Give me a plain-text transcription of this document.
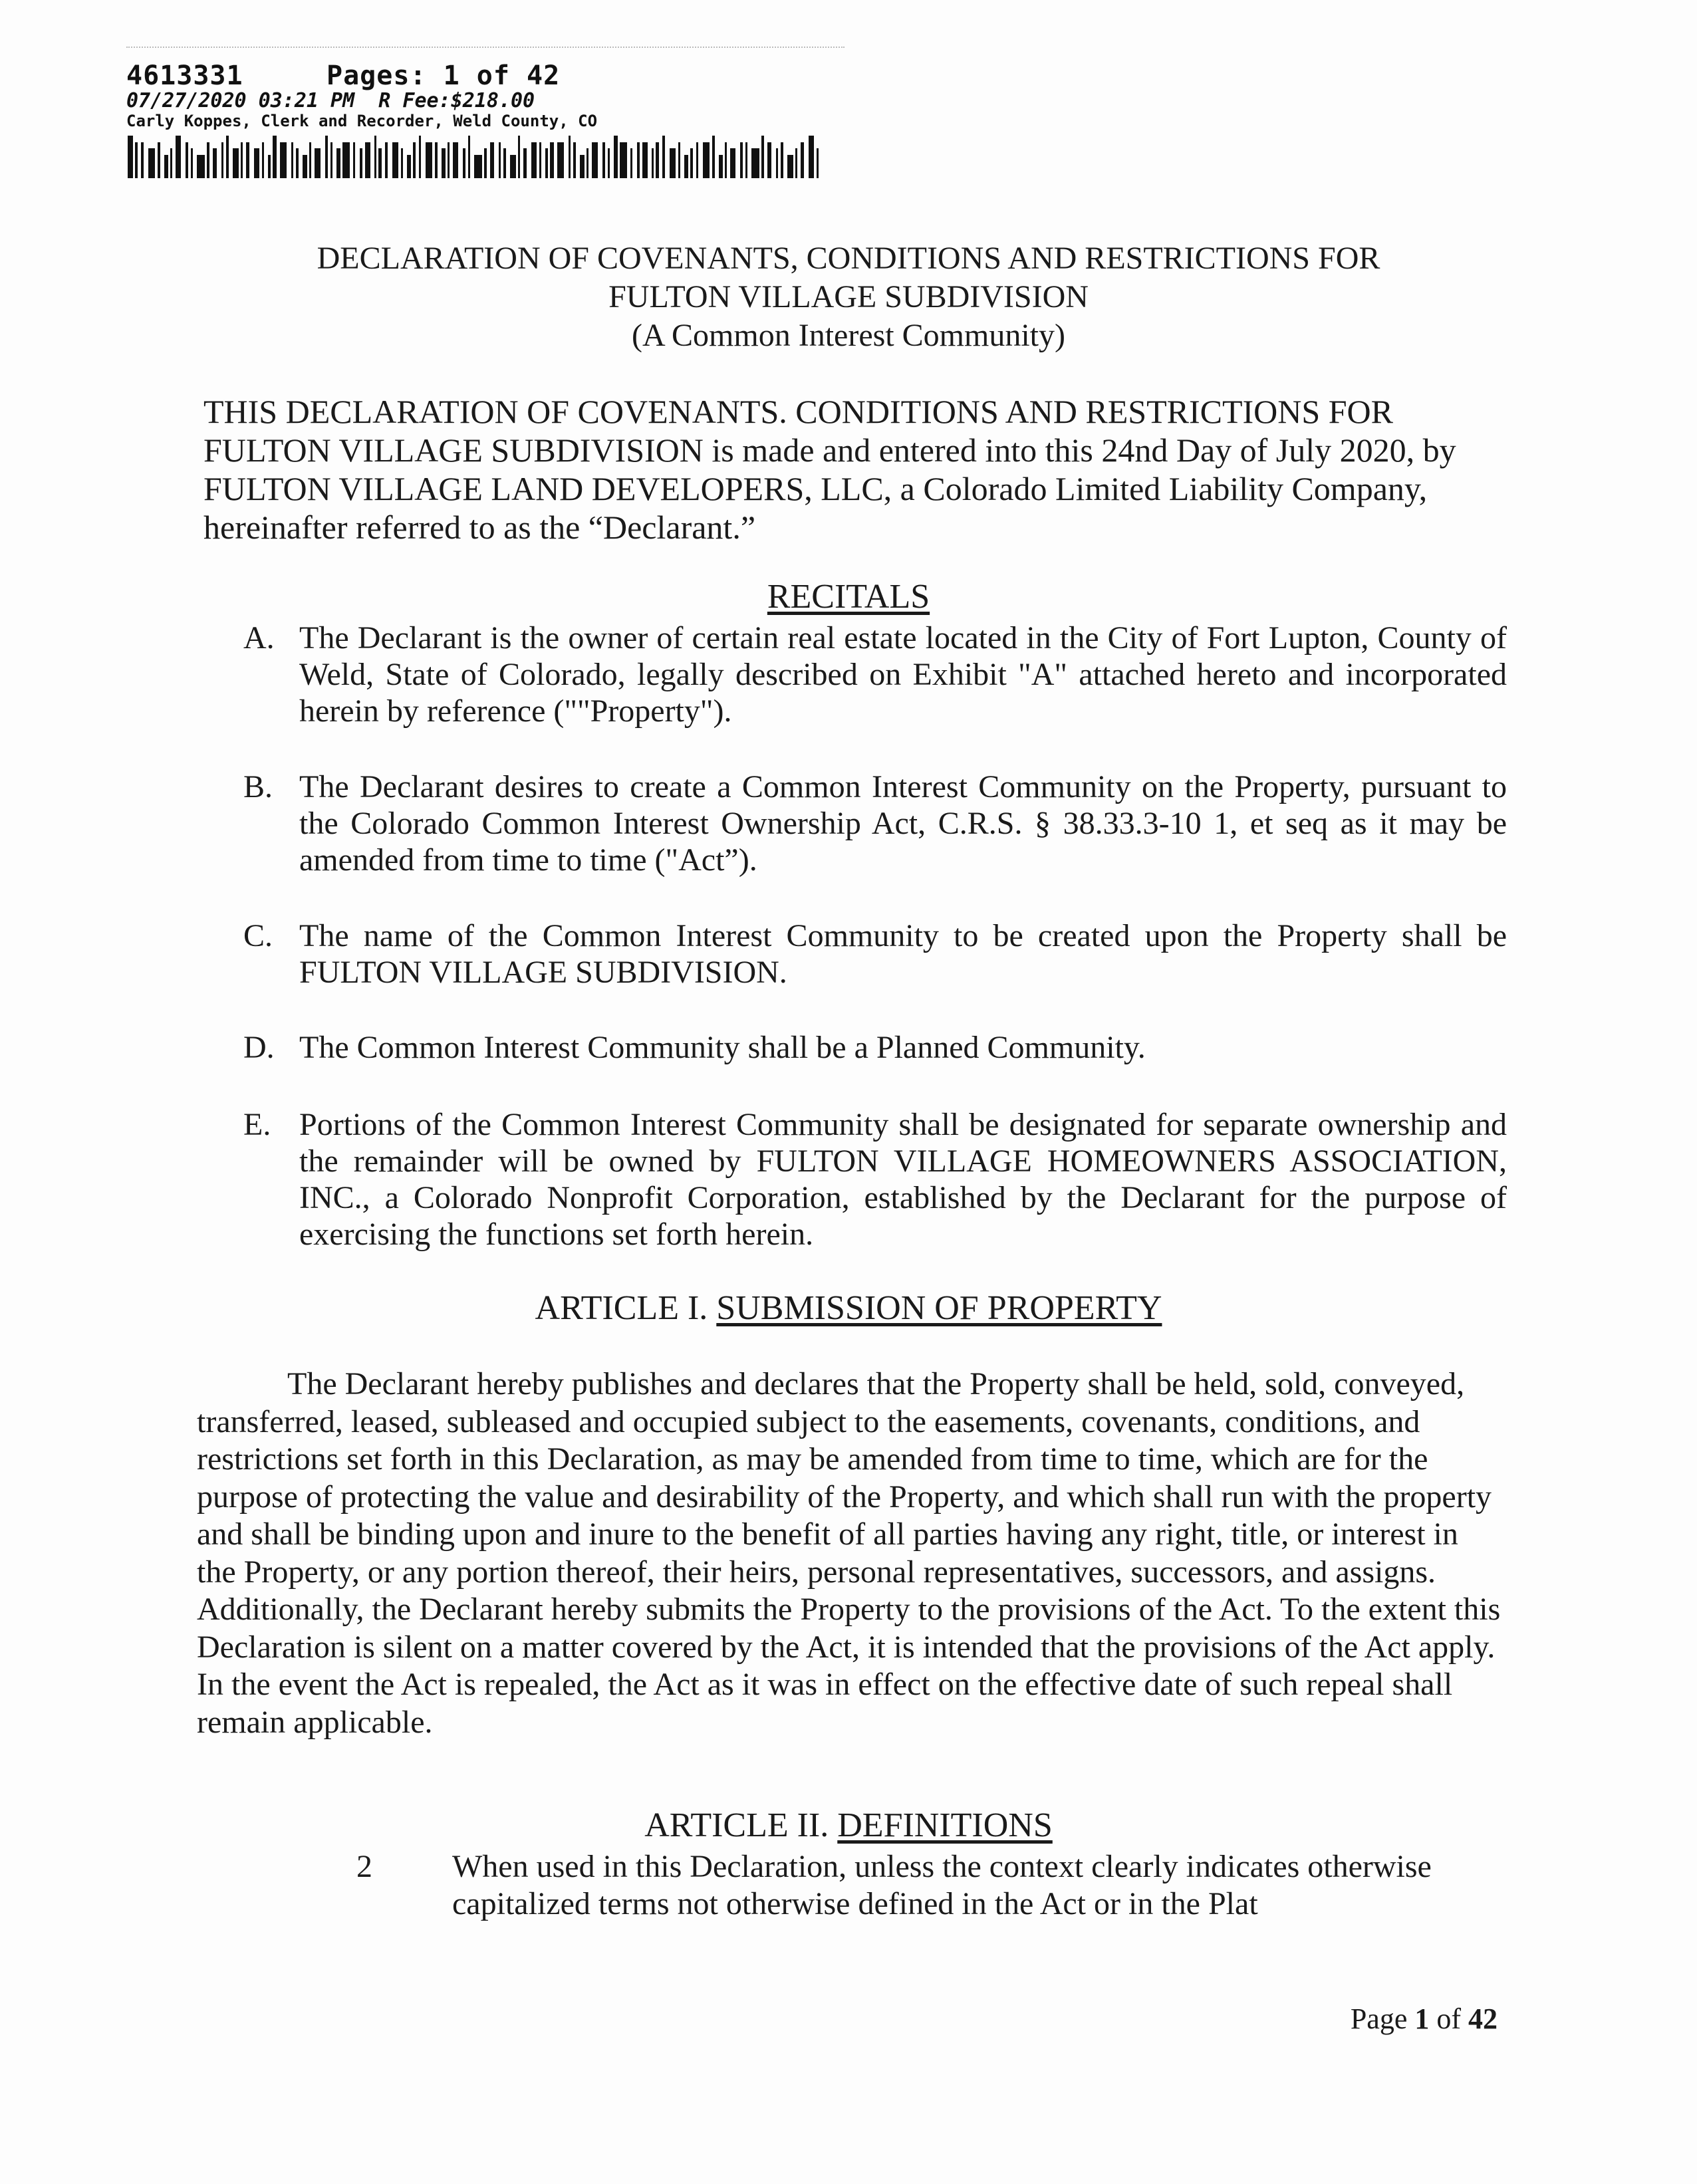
4613331	Pages: 1 of 42
07/27/2020 03:21 PM  R Fee:$218.00
Carly Koppes, Clerk and Recorder, Weld County, CO
DECLARATION OF COVENANTS, CONDITIONS AND RESTRICTIONS FOR
FULTON VILLAGE SUBDIVISION
(A Common Interest Community)
THIS DECLARATION OF COVENANTS. CONDITIONS AND RESTRICTIONS FOR FULTON VILLAGE SUBDIVISION is made and entered into this 24nd Day of July 2020, by FULTON VILLAGE LAND DEVELOPERS, LLC, a Colorado Limited Liability Company, hereinafter referred to as the “Declarant.”
RECITALS
A. The Declarant is the owner of certain real estate located in the City of Fort Lupton, County of Weld, State of Colorado, legally described on Exhibit "A" attached hereto and incorporated herein by reference (""Property").
B. The Declarant desires to create a Common Interest Community on the Property, pursuant to the Colorado Common Interest Ownership Act, C.R.S. § 38.33.3-10 1, et seq as it may be amended from time to time ("Act”).
C. The name of the Common Interest Community to be created upon the Property shall be FULTON VILLAGE SUBDIVISION.
D. The Common Interest Community shall be a Planned Community.
E. Portions of the Common Interest Community shall be designated for separate ownership and the remainder will be owned by FULTON VILLAGE HOMEOWNERS ASSOCIATION, INC., a Colorado Nonprofit Corporation, established by the Declarant for the purpose of exercising the functions set forth herein.
ARTICLE I. SUBMISSION OF PROPERTY
The Declarant hereby publishes and declares that the Property shall be held, sold, conveyed, transferred, leased, subleased and occupied subject to the easements, covenants, conditions, and restrictions set forth in this Declaration, as may be amended from time to time, which are for the purpose of protecting the value and desirability of the Property, and which shall run with the property and shall be binding upon and inure to the benefit of all parties having any right, title, or interest in the Property, or any portion thereof, their heirs, personal representatives, successors, and assigns. Additionally, the Declarant hereby submits the Property to the provisions of the Act. To the extent this Declaration is silent on a matter covered by the Act, it is intended that the provisions of the Act apply. In the event the Act is repealed, the Act as it was in effect on the effective date of such repeal shall remain applicable.
ARTICLE II. DEFINITIONS
2	When used in this Declaration, unless the context clearly indicates otherwise capitalized terms not otherwise defined in the Act or in the Plat
Page 1 of 42
